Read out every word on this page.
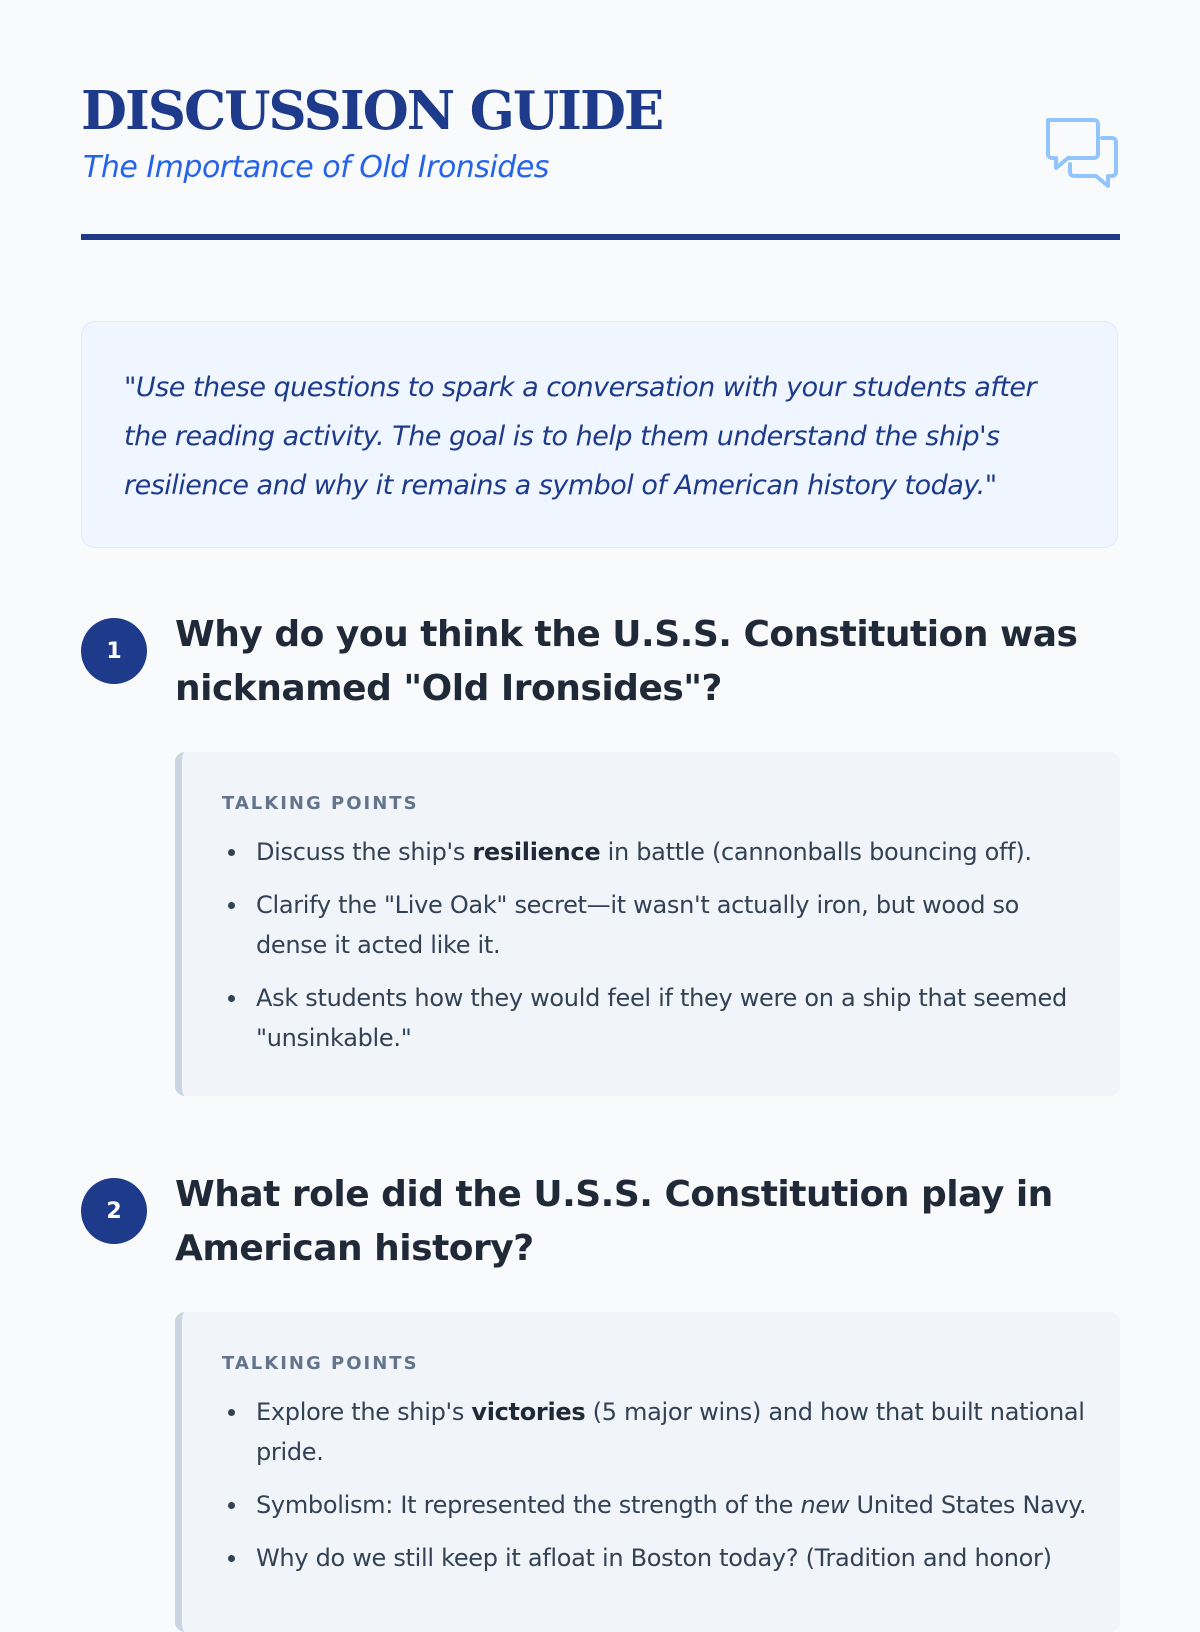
DISCUSSION GUIDE
The Importance of Old Ironsides

"Use these questions to spark a conversation with your students after the reading activity. The goal is to help them understand the ship's resilience and why it remains a symbol of American history today."

1	Why do you think the U.S.S. Constitution was nicknamed "Old Ironsides"?
TALKING POINTS
Discuss the ship's resilience in battle (cannonballs bouncing off).
Clarify the "Live Oak" secret—it wasn't actually iron, but wood so dense it acted like it.
Ask students how they would feel if they were on a ship that seemed "unsinkable."
2	What role did the U.S.S. Constitution play in American history?
TALKING POINTS
Explore the ship's victories (5 major wins) and how that built national pride.
Symbolism: It represented the strength of the new United States Navy.
Why do we still keep it afloat in Boston today? (Tradition and honor)
